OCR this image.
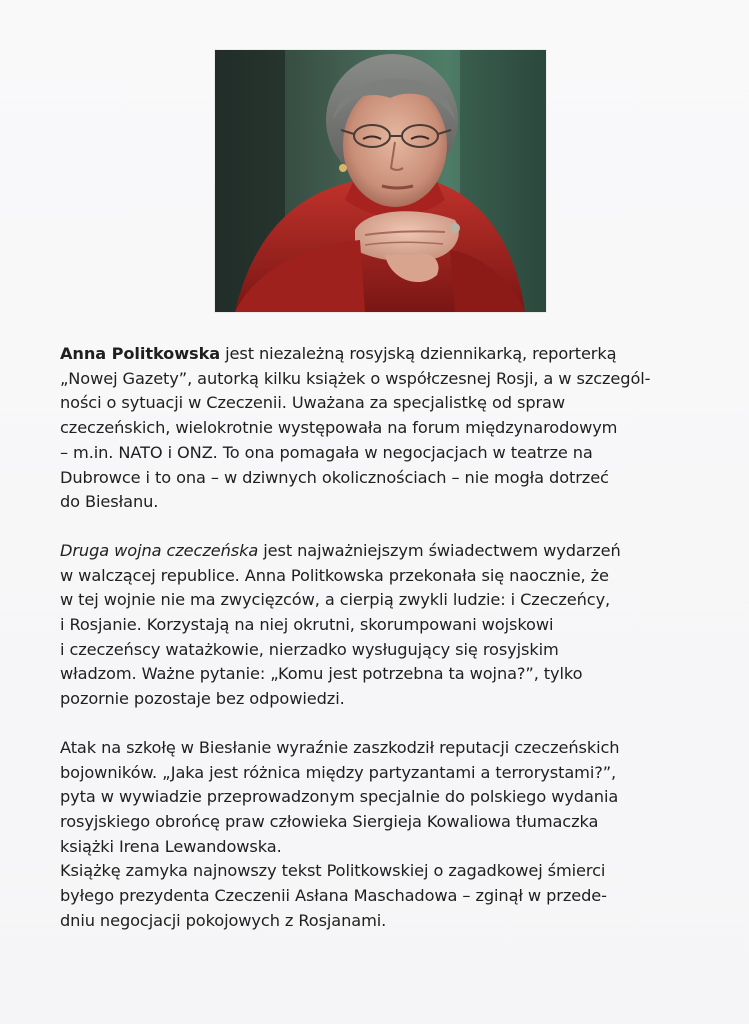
Anna Politkowska jest niezależną rosyjską dziennikarką, reporterką
„Nowej Gazety”, autorką kilku książek o współczesnej Rosji, a w szczegól-
ności o sytuacji w Czeczenii. Uważana za specjalistkę od spraw
czeczeńskich, wielokrotnie występowała na forum międzynarodowym
– m.in. NATO i ONZ. To ona pomagała w negocjacjach w teatrze na
Dubrowce i to ona – w dziwnych okolicznościach – nie mogła dotrzeć
do Biesłanu.
Druga wojna czeczeńska jest najważniejszym świadectwem wydarzeń
w walczącej republice. Anna Politkowska przekonała się naocznie, że
w tej wojnie nie ma zwycięzców, a cierpią zwykli ludzie: i Czeczeńcy,
i Rosjanie. Korzystają na niej okrutni, skorumpowani wojskowi
i czeczeńscy watażkowie, nierzadko wysługujący się rosyjskim
władzom. Ważne pytanie: „Komu jest potrzebna ta wojna?”, tylko
pozornie pozostaje bez odpowiedzi.
Atak na szkołę w Biesłanie wyraźnie zaszkodził reputacji czeczeńskich
bojowników. „Jaka jest różnica między partyzantami a terrorystami?”,
pyta w wywiadzie przeprowadzonym specjalnie do polskiego wydania
rosyjskiego obrońcę praw człowieka Siergieja Kowaliowa tłumaczka
książki Irena Lewandowska.
Książkę zamyka najnowszy tekst Politkowskiej o zagadkowej śmierci
byłego prezydenta Czeczenii Asłana Maschadowa – zginął w przede-
dniu negocjacji pokojowych z Rosjanami.
